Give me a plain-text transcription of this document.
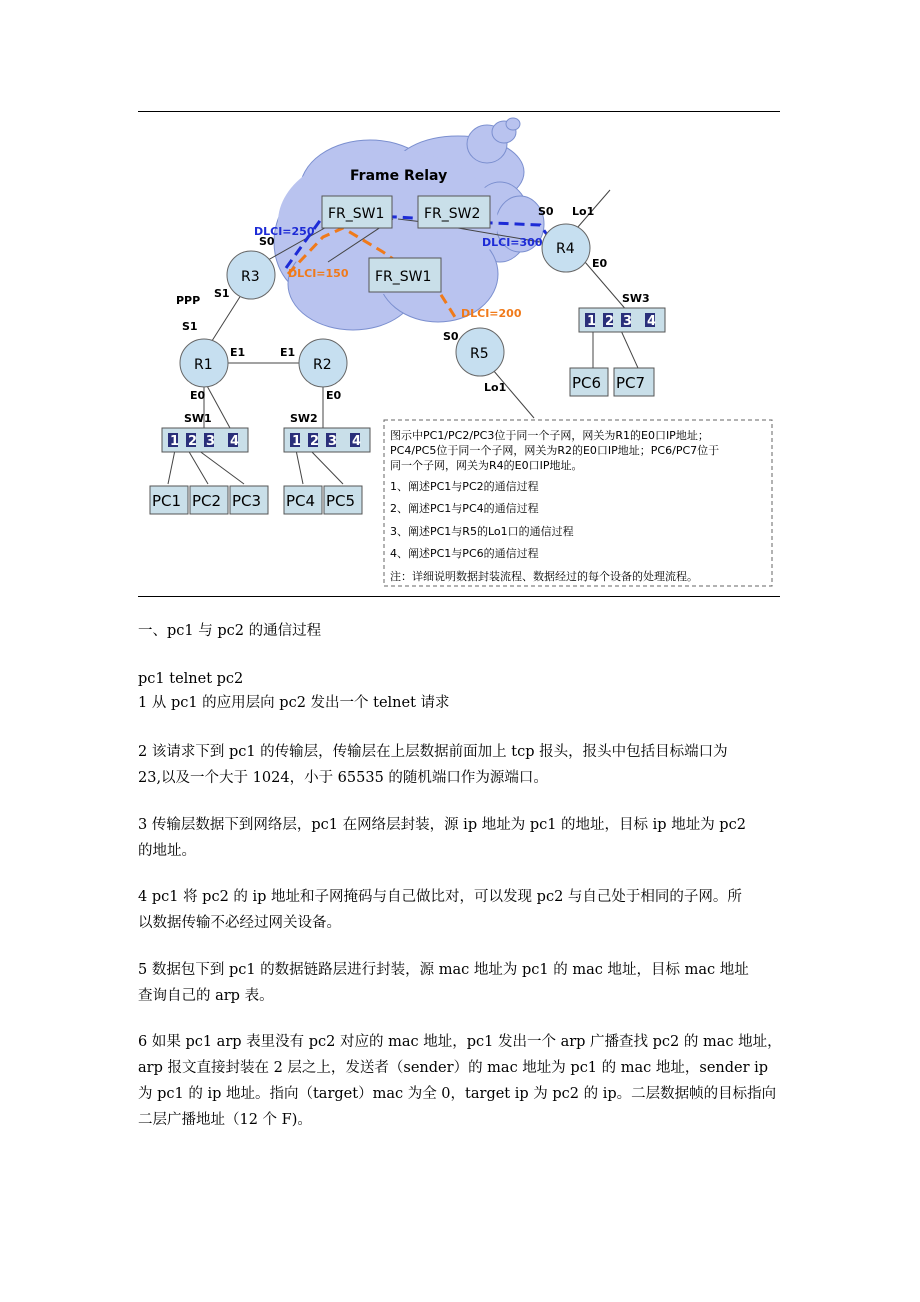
Frame Relay
FR_SW1	FR_SW2
FR_SW1
R3
R1	R2
R4
R5
DLCI=250
DLCI=150
DLCI=300
DLCI=200
S0
S1
PPP
S1
E1	E1
E0	E0
S0 Lo1
E0
S0
Lo1
SW1
1 2 3 4
SW2
1 2 3 4
SW3
1 2 3 4
PC1 PC2 PC3 PC4 PC5
PC6 PC7
图示中PC1/PC2/PC3位于同一个子网，网关为R1的E0口IP地址；
PC4/PC5位于同一个子网，网关为R2的E0口IP地址；PC6/PC7位于
同一个子网，网关为R4的E0口IP地址。
1、阐述PC1与PC2的通信过程
2、阐述PC1与PC4的通信过程
3、阐述PC1与R5的Lo1口的通信过程
4、阐述PC1与PC6的通信过程
注：详细说明数据封装流程、数据经过的每个设备的处理流程。

一、pc1 与 pc2 的通信过程

pc1 telnet pc2

1 从 pc1 的应用层向 pc2 发出一个 telnet 请求

2 该请求下到 pc1 的传输层，传输层在上层数据前面加上 tcp 报头，报头中包括目标端口为
23,以及一个大于 1024，小于 65535 的随机端口作为源端口。
3 传输层数据下到网络层，pc1 在网络层封装，源 ip 地址为 pc1 的地址，目标 ip 地址为 pc2
的地址。
4 pc1 将 pc2 的 ip 地址和子网掩码与自己做比对，可以发现 pc2 与自己处于相同的子网。所
以数据传输不必经过网关设备。
5 数据包下到 pc1 的数据链路层进行封装，源 mac 地址为 pc1 的 mac 地址，目标 mac 地址
查询自己的 arp 表。
6 如果 pc1 arp 表里没有 pc2 对应的 mac 地址，pc1 发出一个 arp 广播查找 pc2 的 mac 地址，
arp 报文直接封装在 2 层之上，发送者（sender）的 mac 地址为 pc1 的 mac 地址，sender ip
为 pc1 的 ip 地址。指向（target）mac 为全 0，target ip 为 pc2 的 ip。二层数据帧的目标指向
二层广播地址（12 个 F)。
